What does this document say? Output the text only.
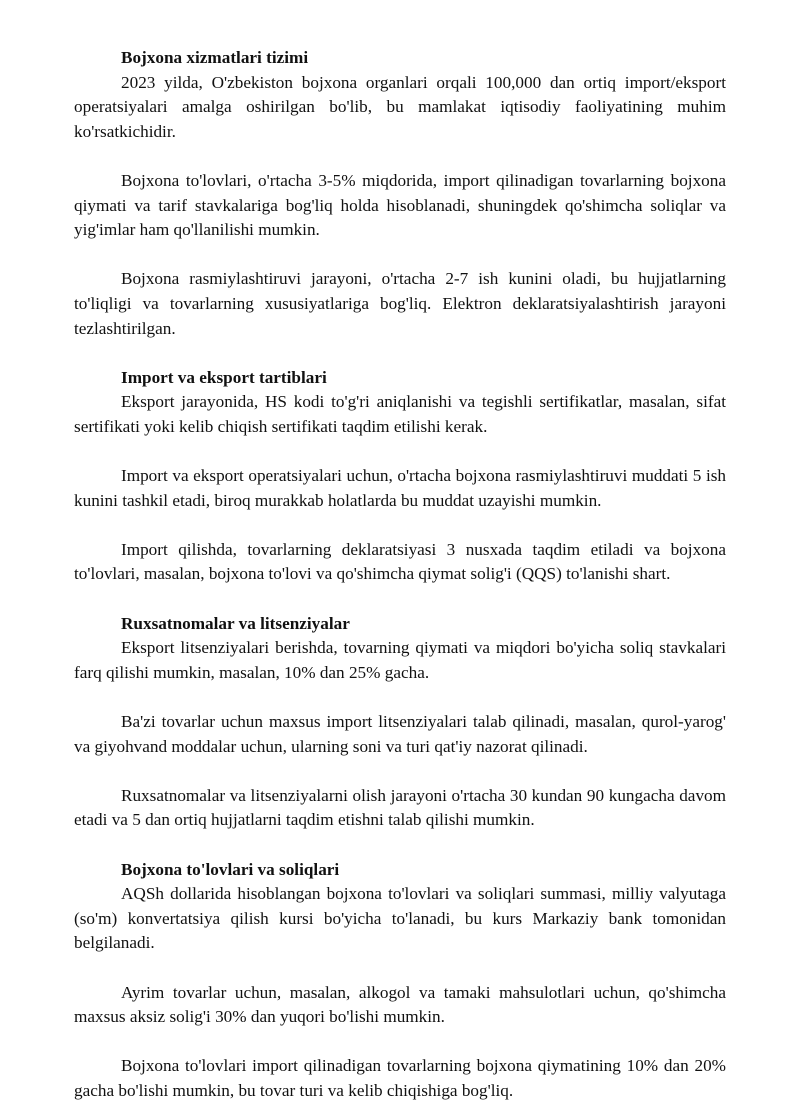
Bojxona xizmatlari tizimi

2023 yilda, O'zbekiston bojxona organlari orqali 100,000 dan ortiq import/eksport operatsiyalari amalga oshirilgan bo'lib, bu mamlakat iqtisodiy faoliyatining muhim ko'rsatkichidir.

Bojxona to'lovlari, o'rtacha 3-5% miqdorida, import qilinadigan tovarlarning bojxona qiymati va tarif stavkalariga bog'liq holda hisoblanadi, shuningdek qo'shimcha soliqlar va yig'imlar ham qo'llanilishi mumkin.

Bojxona rasmiylashtiruvi jarayoni, o'rtacha 2-7 ish kunini oladi, bu hujjatlarning to'liqligi va tovarlarning xususiyatlariga bog'liq. Elektron deklaratsiyalashtirish jarayoni tezlashtirilgan.

Import va eksport tartiblari

Eksport jarayonida, HS kodi to'g'ri aniqlanishi va tegishli sertifikatlar, masalan, sifat sertifikati yoki kelib chiqish sertifikati taqdim etilishi kerak.

Import va eksport operatsiyalari uchun, o'rtacha bojxona rasmiylashtiruvi muddati 5 ish kunini tashkil etadi, biroq murakkab holatlarda bu muddat uzayishi mumkin.

Import qilishda, tovarlarning deklaratsiyasi 3 nusxada taqdim etiladi va bojxona to'lovlari, masalan, bojxona to'lovi va qo'shimcha qiymat solig'i (QQS) to'lanishi shart.

Ruxsatnomalar va litsenziyalar

Eksport litsenziyalari berishda, tovarning qiymati va miqdori bo'yicha soliq stavkalari farq qilishi mumkin, masalan, 10% dan 25% gacha.

Ba'zi tovarlar uchun maxsus import litsenziyalari talab qilinadi, masalan, qurol-yarog' va giyohvand moddalar uchun, ularning soni va turi qat'iy nazorat qilinadi.

Ruxsatnomalar va litsenziyalarni olish jarayoni o'rtacha 30 kundan 90 kungacha davom etadi va 5 dan ortiq hujjatlarni taqdim etishni talab qilishi mumkin.

Bojxona to'lovlari va soliqlari

AQSh dollarida hisoblangan bojxona to'lovlari va soliqlari summasi, milliy valyutaga (so'm) konvertatsiya qilish kursi bo'yicha to'lanadi, bu kurs Markaziy bank tomonidan belgilanadi.

Ayrim tovarlar uchun, masalan, alkogol va tamaki mahsulotlari uchun, qo'shimcha maxsus aksiz solig'i 30% dan yuqori bo'lishi mumkin.

Bojxona to'lovlari import qilinadigan tovarlarning bojxona qiymatining 10% dan 20% gacha bo'lishi mumkin, bu tovar turi va kelib chiqishiga bog'liq.
